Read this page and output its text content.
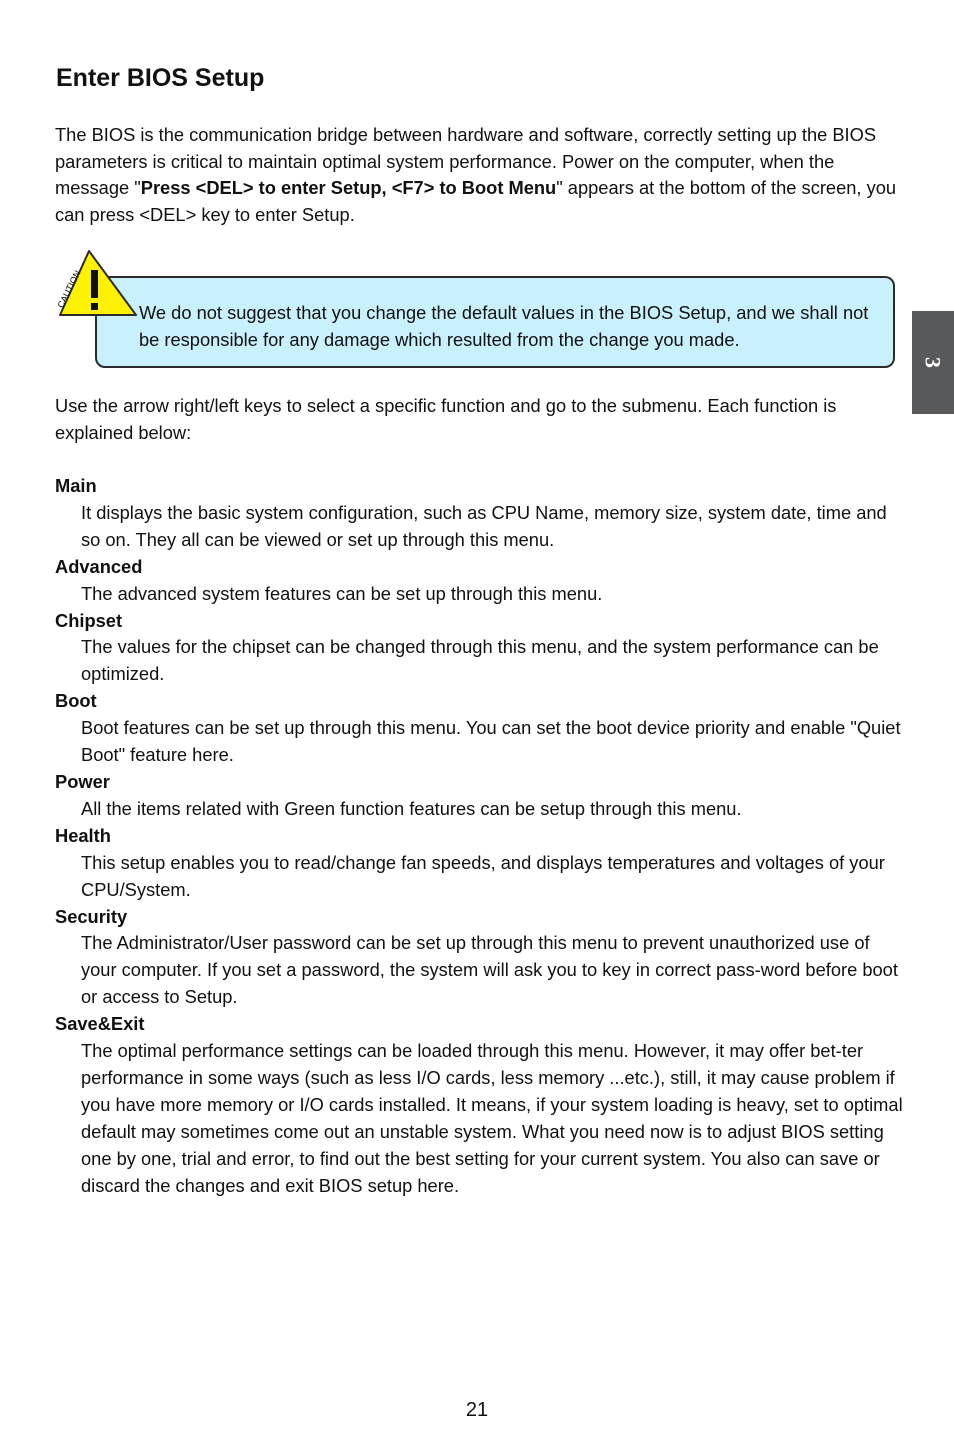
Enter BIOS Setup

The BIOS is the communication bridge between hardware and software, correctly setting up the BIOS parameters is critical to maintain optimal system performance. Power on the computer, when the message "Press <DEL> to enter Setup, <F7> to Boot Menu" appears at the bottom of the screen, you can press <DEL> key to enter Setup.

We do not suggest that you change the default values in the BIOS Setup, and we shall not be responsible for any damage which resulted from the change you made.

CAUTION
3

Use the arrow right/left keys to select a specific function and go to the submenu. Each function is explained below:

Main

It displays the basic system configuration, such as CPU Name, memory size, system date, time and so on. They all can be viewed or set up through this menu.

Advanced

The advanced system features can be set up through this menu.

Chipset

The values for the chipset can be changed through this menu, and the system performance can be optimized.

Boot

Boot features can be set up through this menu. You can set the boot device priority and enable "Quiet Boot" feature here.

Power

All the items related with Green function features can be setup through this menu.

Health

This setup enables you to read/change fan speeds, and displays temperatures and voltages of your CPU/System.

Security

The Administrator/User password can be set up through this menu to prevent unauthorized use of your computer. If you set a password, the system will ask you to key in correct pass-word before boot or access to Setup.

Save&Exit

The optimal performance settings can be loaded through this menu. However, it may offer bet-ter performance in some ways (such as less I/O cards, less memory ...etc.), still, it may cause problem if you have more memory or I/O cards installed. It means, if your system loading is heavy, set to optimal default may sometimes come out an unstable system. What you need now is to adjust BIOS setting one by one, trial and error, to find out the best setting for your current system. You also can save or discard the changes and exit BIOS setup here.

21
